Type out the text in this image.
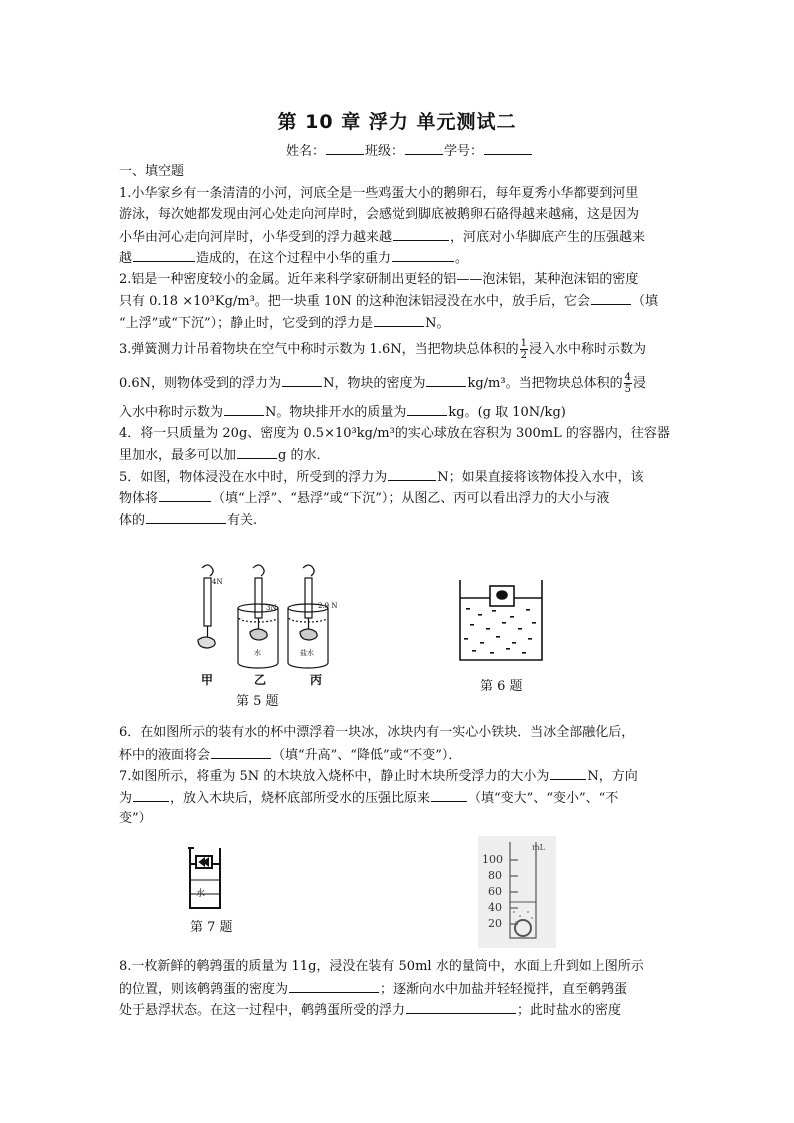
第 10 章 浮力 单元测试二
姓名：	班级：	学号：
一、填空题
1.小华家乡有一条清清的小河，河底全是一些鸡蛋大小的鹅卵石，每年夏秀小华都要到河里
游泳，每次她都发现由河心处走向河岸时，会感觉到脚底被鹅卵石硌得越来越痛，这是因为
小华由河心走向河岸时，小华受到的浮力越来越	，河底对小华脚底产生的压强越来
越	造成的，在这个过程中小华的重力	。
2.铝是一种密度较小的金属。近年来科学家研制出更轻的铝——泡沫铝，某种泡沫铝的密度
只有 0.18 ×10³Kg/m³。把一块重 10N 的这种泡沫铝浸没在水中，放手后，它会	（填
“上浮”或“下沉”）；静止时，它受到的浮力是	N。
3.弹簧测力计吊着物块在空气中称时示数为 1.6N，当把物块总体积的 $\frac{1}{2}$ 浸入水中称时示数为
0.6N，则物体受到的浮力为	N，物块的密度为	kg/m³。当把物块总体积的 $\frac{4}{5}$ 浸
入水中称时示数为	N。物块排开水的质量为	kg。(g 取 10N/kg)
4．将一只质量为 20g、密度为 0.5×10³kg/m³的实心球放在容积为 300mL 的容器内，往容器
里加水，最多可以加	g 的水．
5．如图，物体浸没在水中时，所受到的浮力为	N；如果直接将该物体投入水中，该
物体将	（填“上浮”、“悬浮”或“下沉”）；从图乙、丙可以看出浮力的大小与液
体的	有关.
4N
3N	2.9 N
水	盐水
甲	乙	丙
第 5 题
第 6 题
6．在如图所示的装有水的杯中漂浮着一块冰，冰块内有一实心小铁块．当冰全部融化后，
杯中的液面将会	（填“升高”、“降低”或“不变”）．
7.如图所示，将重为 5N 的木块放入烧杯中，静止时木块所受浮力的大小为	N，方向
为	，放入木块后，烧杯底部所受水的压强比原来	（填“变大”、“变小”、“不
变”）
水
第 7 题
mL
100
80
60
40
20
8.一枚新鲜的鹌鹑蛋的质量为 11g，浸没在装有 50ml 水的量筒中，水面上升到如上图所示
的位置，则该鹌鹑蛋的密度为	；逐渐向水中加盐并轻轻搅拌，直至鹌鹑蛋
处于悬浮状态。在这一过程中，鹌鹑蛋所受的浮力	；此时盐水的密度
